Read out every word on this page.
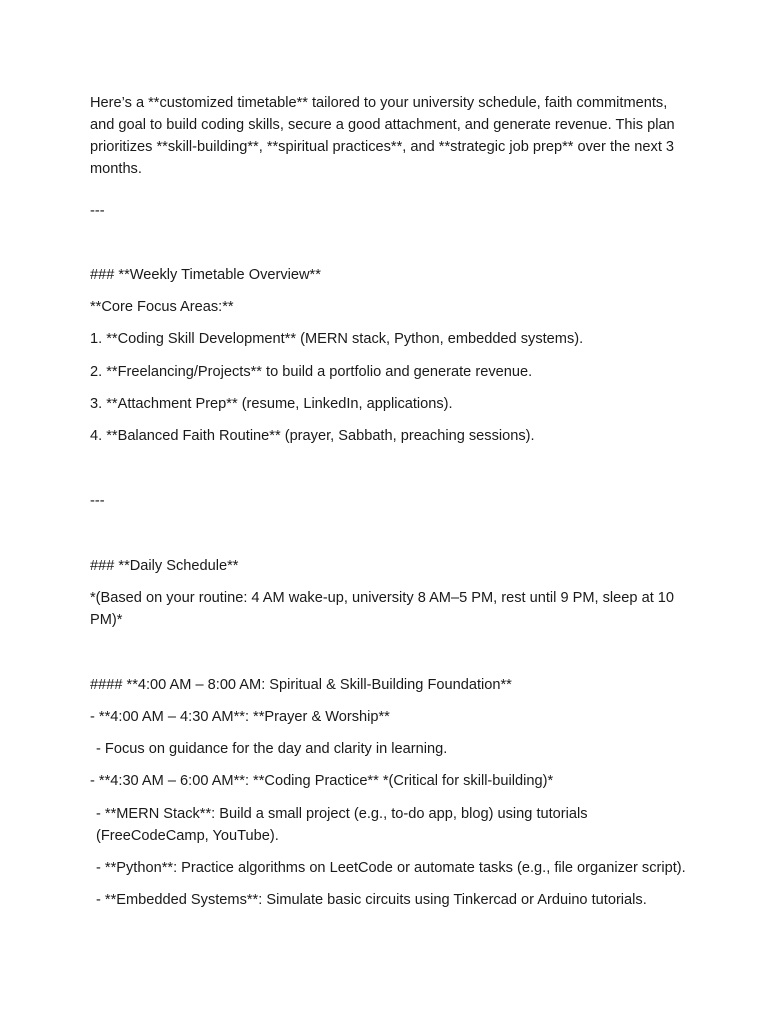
Here’s a **customized timetable** tailored to your university schedule, faith commitments, and goal to build coding skills, secure a good attachment, and generate revenue. This plan prioritizes **skill-building**, **spiritual practices**, and **strategic job prep** over the next 3 months.

---

### **Weekly Timetable Overview**

**Core Focus Areas:**

1. **Coding Skill Development** (MERN stack, Python, embedded systems).

2. **Freelancing/Projects** to build a portfolio and generate revenue.

3. **Attachment Prep** (resume, LinkedIn, applications).

4. **Balanced Faith Routine** (prayer, Sabbath, preaching sessions).

---

### **Daily Schedule**

*(Based on your routine: 4 AM wake-up, university 8 AM–5 PM, rest until 9 PM, sleep at 10 PM)*

#### **4:00 AM – 8:00 AM: Spiritual & Skill-Building Foundation**

- **4:00 AM – 4:30 AM**: **Prayer & Worship**

- Focus on guidance for the day and clarity in learning.

- **4:30 AM – 6:00 AM**: **Coding Practice** *(Critical for skill-building)*

- **MERN Stack**: Build a small project (e.g., to-do app, blog) using tutorials (FreeCodeCamp, YouTube).

- **Python**: Practice algorithms on LeetCode or automate tasks (e.g., file organizer script).

- **Embedded Systems**: Simulate basic circuits using Tinkercad or Arduino tutorials.
